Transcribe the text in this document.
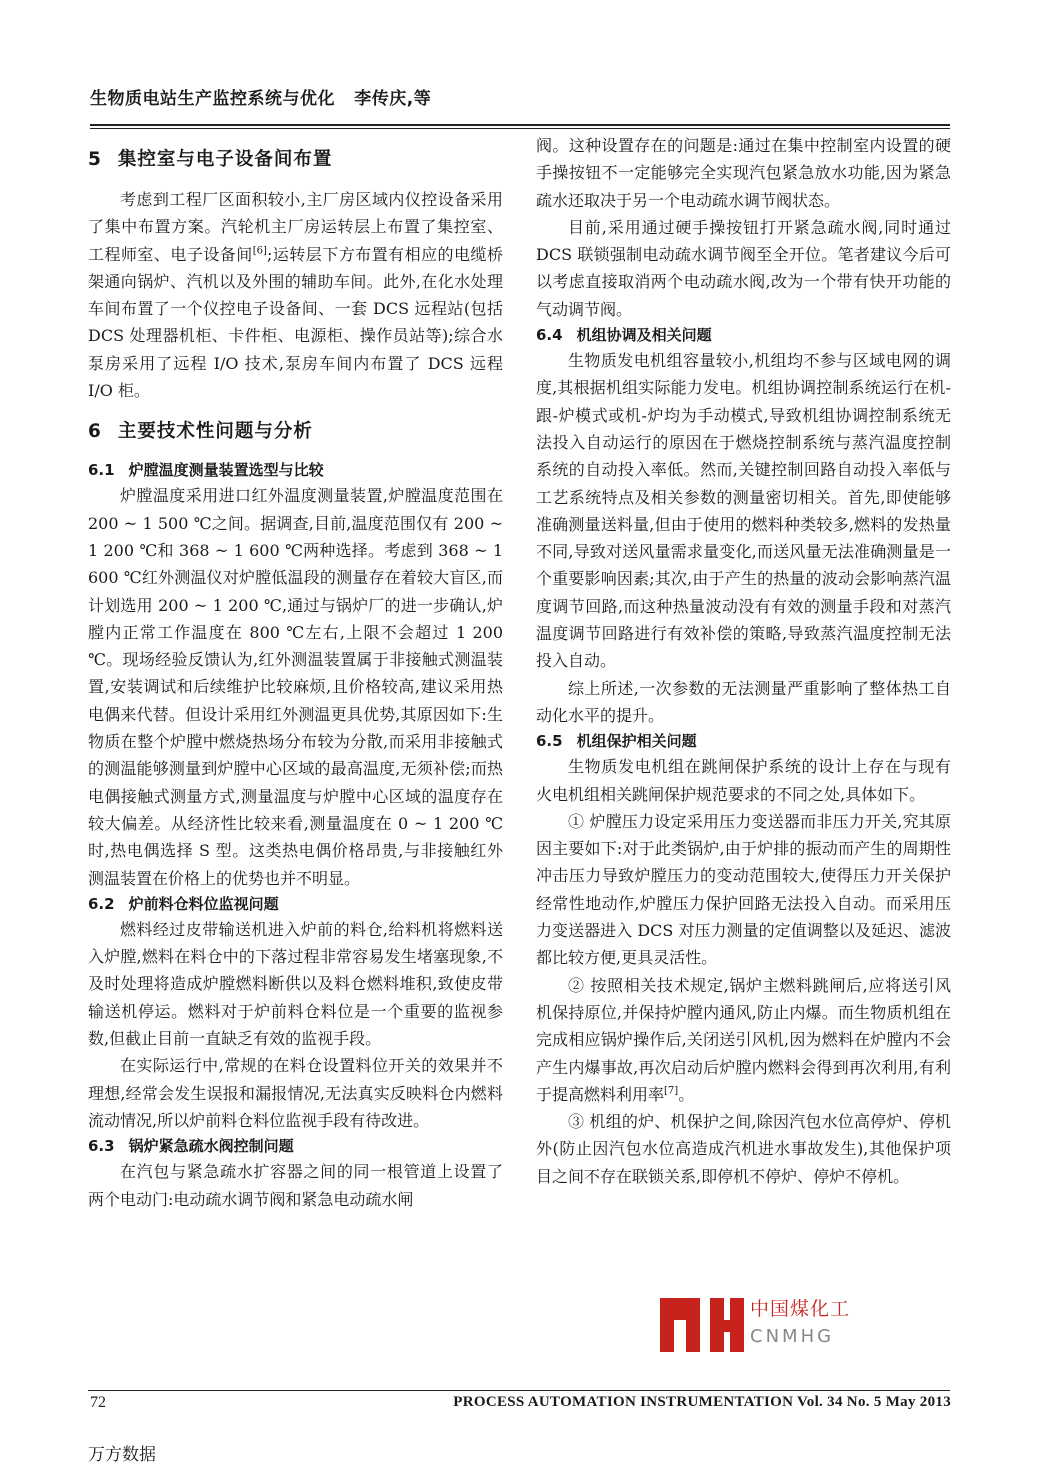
生物质电站生产监控系统与优化 李传庆,等
5 集控室与电子设备间布置

考虑到工程厂区面积较小,主厂房区域内仪控设备采用了集中布置方案。汽轮机主厂房运转层上布置了集控室、工程师室、电子设备间[6];运转层下方布置有相应的电缆桥架通向锅炉、汽机以及外围的辅助车间。此外,在化水处理车间布置了一个仪控电子设备间、一套 DCS 远程站(包括 DCS 处理器机柜、卡件柜、电源柜、操作员站等);综合水泵房采用了远程 I/O 技术,泵房车间内布置了 DCS 远程 I/O 柜。

6 主要技术性问题与分析
6.1 炉膛温度测量装置选型与比较

炉膛温度采用进口红外温度测量装置,炉膛温度范围在 200 ~ 1 500 ℃之间。据调查,目前,温度范围仅有 200 ~ 1 200 ℃和 368 ~ 1 600 ℃两种选择。考虑到 368 ~ 1 600 ℃红外测温仪对炉膛低温段的测量存在着较大盲区,而计划选用 200 ~ 1 200 ℃,通过与锅炉厂的进一步确认,炉膛内正常工作温度在 800 ℃左右,上限不会超过 1 200 ℃。现场经验反馈认为,红外测温装置属于非接触式测温装置,安装调试和后续维护比较麻烦,且价格较高,建议采用热电偶来代替。但设计采用红外测温更具优势,其原因如下:生物质在整个炉膛中燃烧热场分布较为分散,而采用非接触式的测温能够测量到炉膛中心区域的最高温度,无须补偿;而热电偶接触式测量方式,测量温度与炉膛中心区域的温度存在较大偏差。从经济性比较来看,测量温度在 0 ~ 1 200 ℃时,热电偶选择 S 型。这类热电偶价格昂贵,与非接触红外测温装置在价格上的优势也并不明显。

6.2 炉前料仓料位监视问题

燃料经过皮带输送机进入炉前的料仓,给料机将燃料送入炉膛,燃料在料仓中的下落过程非常容易发生堵塞现象,不及时处理将造成炉膛燃料断供以及料仓燃料堆积,致使皮带输送机停运。燃料对于炉前料仓料位是一个重要的监视参数,但截止目前一直缺乏有效的监视手段。

在实际运行中,常规的在料仓设置料位开关的效果并不理想,经常会发生误报和漏报情况,无法真实反映料仓内燃料流动情况,所以炉前料仓料位监视手段有待改进。

6.3 锅炉紧急疏水阀控制问题

在汽包与紧急疏水扩容器之间的同一根管道上设置了两个电动门:电动疏水调节阀和紧急电动疏水闸

阀。这种设置存在的问题是:通过在集中控制室内设置的硬手操按钮不一定能够完全实现汽包紧急放水功能,因为紧急疏水还取决于另一个电动疏水调节阀状态。

目前,采用通过硬手操按钮打开紧急疏水阀,同时通过 DCS 联锁强制电动疏水调节阀至全开位。笔者建议今后可以考虑直接取消两个电动疏水阀,改为一个带有快开功能的气动调节阀。

6.4 机组协调及相关问题

生物质发电机组容量较小,机组均不参与区域电网的调度,其根据机组实际能力发电。机组协调控制系统运行在机-跟-炉模式或机-炉均为手动模式,导致机组协调控制系统无法投入自动运行的原因在于燃烧控制系统与蒸汽温度控制系统的自动投入率低。然而,关键控制回路自动投入率低与工艺系统特点及相关参数的测量密切相关。首先,即使能够准确测量送料量,但由于使用的燃料种类较多,燃料的发热量不同,导致对送风量需求量变化,而送风量无法准确测量是一个重要影响因素;其次,由于产生的热量的波动会影响蒸汽温度调节回路,而这种热量波动没有有效的测量手段和对蒸汽温度调节回路进行有效补偿的策略,导致蒸汽温度控制无法投入自动。

综上所述,一次参数的无法测量严重影响了整体热工自动化水平的提升。

6.5 机组保护相关问题

生物质发电机组在跳闸保护系统的设计上存在与现有火电机组相关跳闸保护规范要求的不同之处,具体如下。

① 炉膛压力设定采用压力变送器而非压力开关,究其原因主要如下:对于此类锅炉,由于炉排的振动而产生的周期性冲击压力导致炉膛压力的变动范围较大,使得压力开关保护经常性地动作,炉膛压力保护回路无法投入自动。而采用压力变送器进入 DCS 对压力测量的定值调整以及延迟、滤波都比较方便,更具灵活性。

② 按照相关技术规定,锅炉主燃料跳闸后,应将送引风机保持原位,并保持炉膛内通风,防止内爆。而生物质机组在完成相应锅炉操作后,关闭送引风机,因为燃料在炉膛内不会产生内爆事故,再次启动后炉膛内燃料会得到再次利用,有利于提高燃料利用率[7]。

③ 机组的炉、机保护之间,除因汽包水位高停炉、停机外(防止因汽包水位高造成汽机进水事故发生),其他保护项目之间不存在联锁关系,即停机不停炉、停炉不停机。

中国煤化工
CNMHG
72	PROCESS AUTOMATION INSTRUMENTATION Vol. 34 No. 5 May 2013
万方数据
